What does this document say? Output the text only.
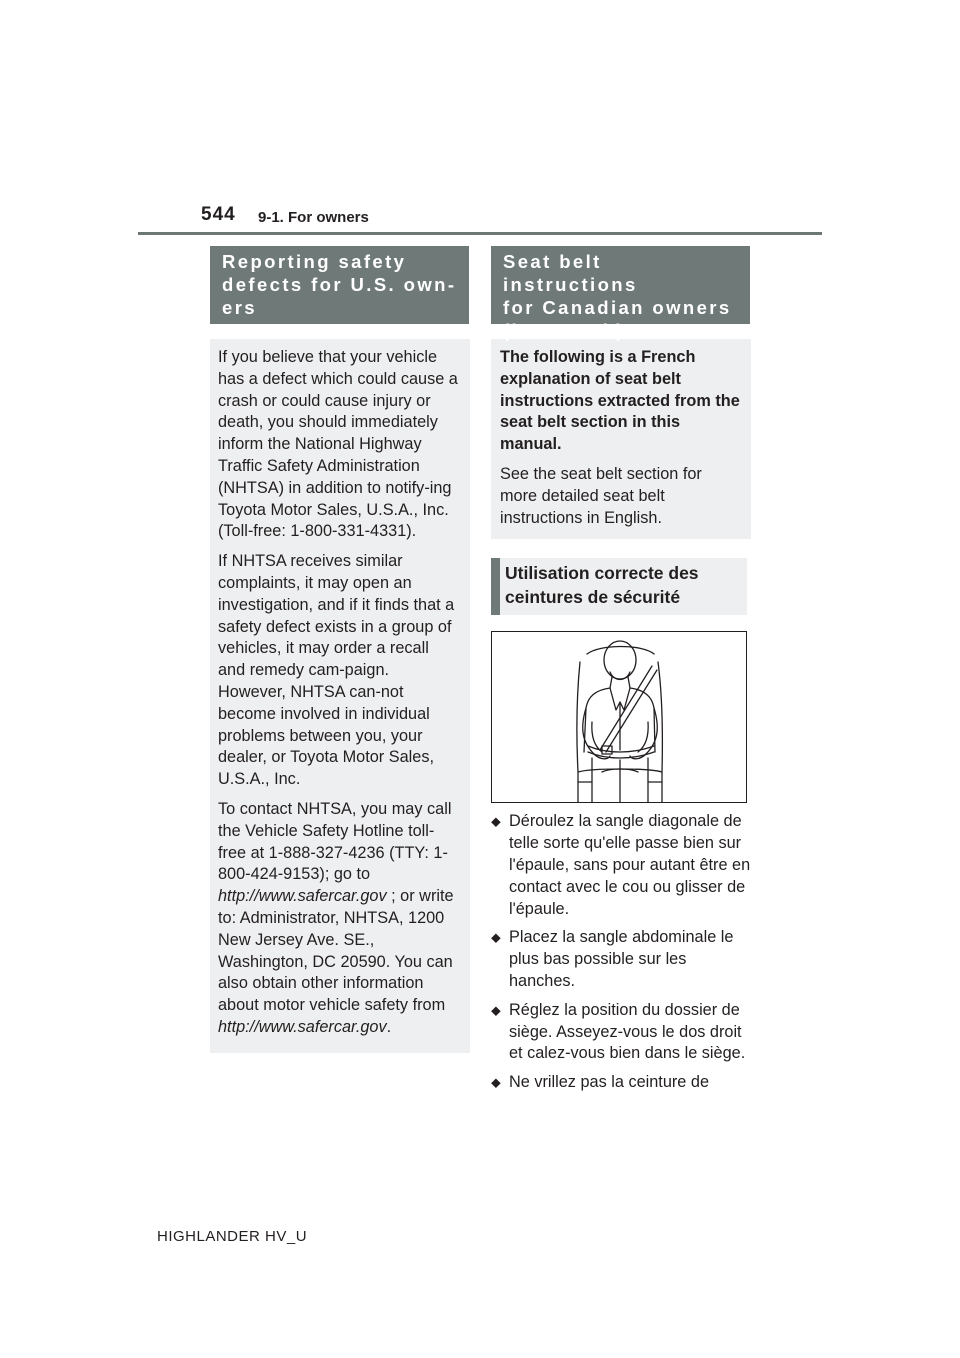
544 9-1. For owners
Reporting safety
defects for U.S. own-
ers

If you believe that your vehicle has a defect which could cause a crash or could cause injury or death, you should immediately inform the National Highway Traffic Safety Administration (NHTSA) in addition to notify-ing Toyota Motor Sales, U.S.A., Inc. (Toll-free: 1-800-331-4331).

If NHTSA receives similar complaints, it may open an investigation, and if it finds that a safety defect exists in a group of vehicles, it may order a recall and remedy cam-paign. However, NHTSA can-not become involved in individual problems between you, your dealer, or Toyota Motor Sales, U.S.A., Inc.

To contact NHTSA, you may call the Vehicle Safety Hotline toll-free at 1-888-327-4236 (TTY: 1-800-424-9153); go to
http://www.safercar.gov ; or write to: Administrator, NHTSA, 1200 New Jersey Ave. SE., Washington, DC 20590. You can also obtain other information about motor vehicle safety from
http://www.safercar.gov.

Seat belt instructions
for Canadian owners
(in French)

The following is a French explanation of seat belt instructions extracted from the seat belt section in this manual.

See the seat belt section for more detailed seat belt instructions in English.

Utilisation correcte des
ceintures de sécurité
⬥ Déroulez la sangle diagonale de telle sorte qu'elle passe bien sur l'épaule, sans pour autant être en contact avec le cou ou glisser de l'épaule.
⬥ Placez la sangle abdominale le plus bas possible sur les hanches.
⬥ Réglez la position du dossier de siège. Asseyez-vous le dos droit et calez-vous bien dans le siège.
⬥ Ne vrillez pas la ceinture de
HIGHLANDER HV_U
